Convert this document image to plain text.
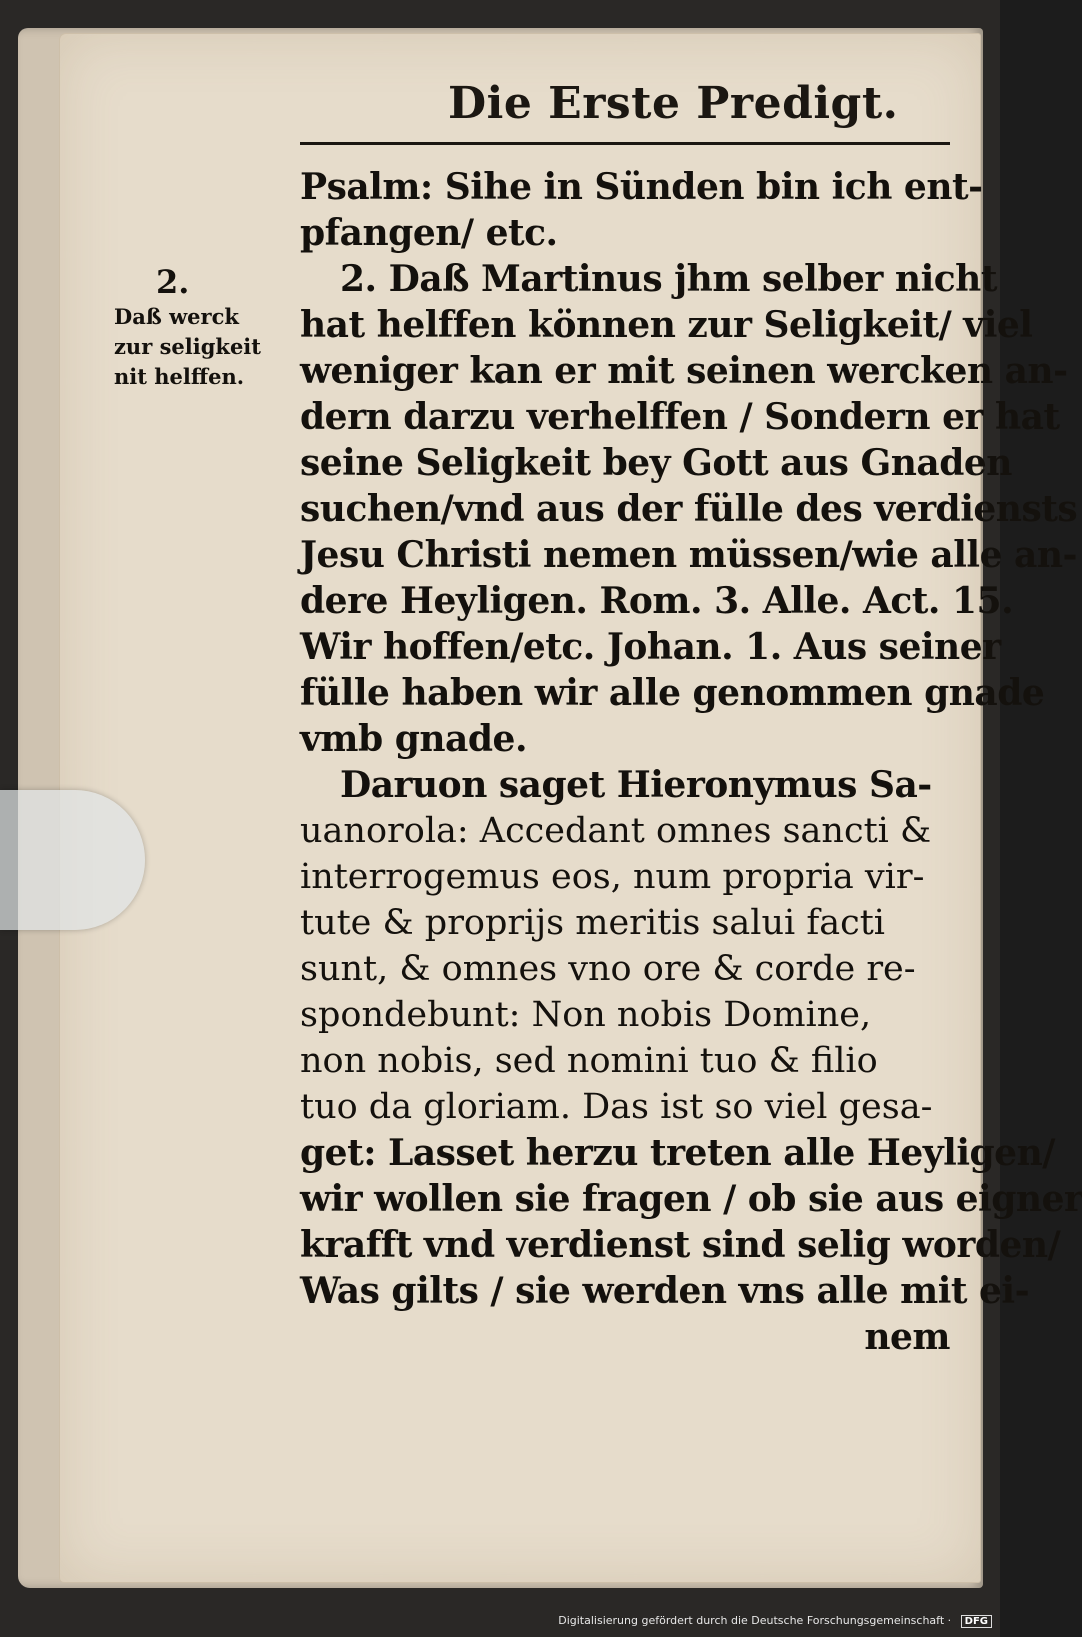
Die Erste Predigt.
2.
Daß werck
zur seligkeit
nit helffen.
Psalm: Sihe in Sünden bin ich ent-
pfangen/ etc.
2. Daß Martinus jhm selber nicht
hat helffen können zur Seligkeit/ viel
weniger kan er mit seinen wercken an-
dern darzu verhelffen / Sondern er hat
seine Seligkeit bey Gott aus Gnaden
suchen/vnd aus der fülle des verdiensts
Jesu Christi nemen müssen/wie alle an-
dere Heyligen. Rom. 3. Alle. Act. 15.
Wir hoffen/etc. Johan. 1. Aus seiner
fülle haben wir alle genommen gnade
vmb gnade.
Daruon saget Hieronymus Sa-
uanorola: Accedant omnes sancti &
interrogemus eos, num propria vir-
tute & proprijs meritis salui facti
sunt, & omnes vno ore & corde re-
spondebunt: Non nobis Domine,
non nobis, sed nomini tuo & filio
tuo da gloriam. Das ist so viel gesa-
get: Lasset herzu treten alle Heyligen/
wir wollen sie fragen / ob sie aus eigner
krafft vnd verdienst sind selig worden/
Was gilts / sie werden vns alle mit ei-
nem
Digitalisierung gefördert durch die Deutsche Forschungsgemeinschaft · DFG
